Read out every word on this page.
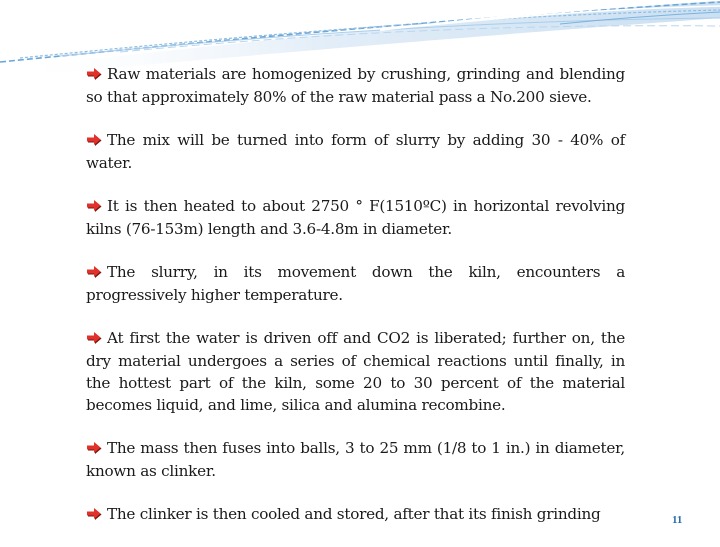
Raw materials are homogenized by crushing, grinding and blending so that approximately 80% of the raw material pass a No.200 sieve.

The mix will be turned into form of slurry by adding 30 - 40% of water.

It is then heated to about 2750 ° F(1510ºC) in horizontal revolving kilns (76-153m) length and 3.6-4.8m in diameter.

The slurry, in its movement down the kiln, encounters a progressively higher temperature.

At first the water is driven off and CO2 is liberated; further on, the dry material undergoes a series of chemical reactions until finally, in the hottest part of the kiln, some 20 to 30 percent of the material becomes liquid, and lime, silica and alumina recombine.

The mass then fuses into balls, 3 to 25 mm (1/8 to 1 in.) in diameter, known as clinker.

The clinker is then cooled and stored, after that its finish grinding	11
